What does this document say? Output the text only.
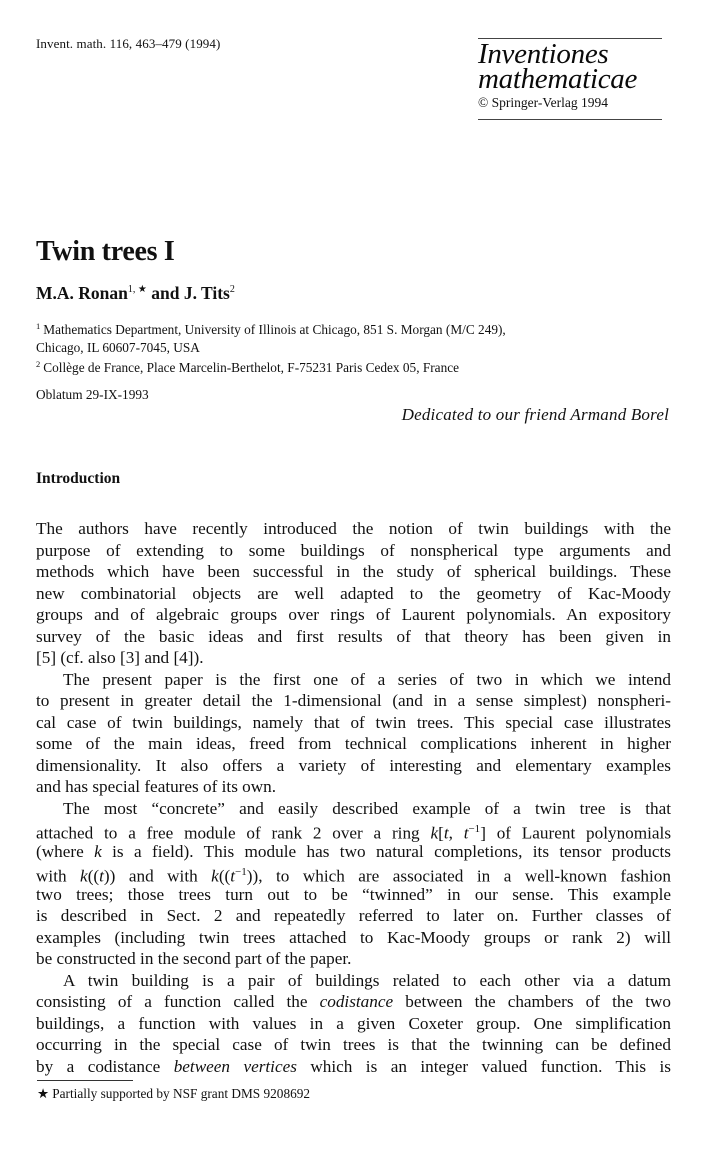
Invent. math. 116, 463–479 (1994)	Inventiones
mathematicae
© Springer-Verlag 1994
Twin trees I
M.A. Ronan$^{1, ★}$ and J. Tits$^2$
$^1$ Mathematics Department, University of Illinois at Chicago, 851 S. Morgan (M/C 249),
Chicago, IL 60607-7045, USA
$^2$ Collège de France, Place Marcelin-Berthelot, F-75231 Paris Cedex 05, France
Oblatum 29-IX-1993
Dedicated to our friend Armand Borel
Introduction
The authors have recently introduced the notion of twin buildings with the
purpose of extending to some buildings of nonspherical type arguments and
methods which have been successful in the study of spherical buildings. These
new combinatorial objects are well adapted to the geometry of Kac-Moody
groups and of algebraic groups over rings of Laurent polynomials. An expository
survey of the basic ideas and first results of that theory has been given in
[5] (cf. also [3] and [4]).
The present paper is the first one of a series of two in which we intend
to present in greater detail the 1-dimensional (and in a sense simplest) nonspheri-
cal case of twin buildings, namely that of twin trees. This special case illustrates
some of the main ideas, freed from technical complications inherent in higher
dimensionality. It also offers a variety of interesting and elementary examples
and has special features of its own.
The most “concrete” and easily described example of a twin tree is that
attached to a free module of rank 2 over a ring k[t, $t^{-1}$] of Laurent polynomials
(where k is a field). This module has two natural completions, its tensor products
with k((t)) and with $k((t^{-1}))$, to which are associated in a well-known fashion
two trees; those trees turn out to be “twinned” in our sense. This example
is described in Sect. 2 and repeatedly referred to later on. Further classes of
examples (including twin trees attached to Kac-Moody groups or rank 2) will
be constructed in the second part of the paper.
A twin building is a pair of buildings related to each other via a datum
consisting of a function called the codistance between the chambers of the two
buildings, a function with values in a given Coxeter group. One simplification
occurring in the special case of twin trees is that the twinning can be defined
by a codistance between vertices which is an integer valued function. This is
★ Partially supported by NSF grant DMS 9208692
